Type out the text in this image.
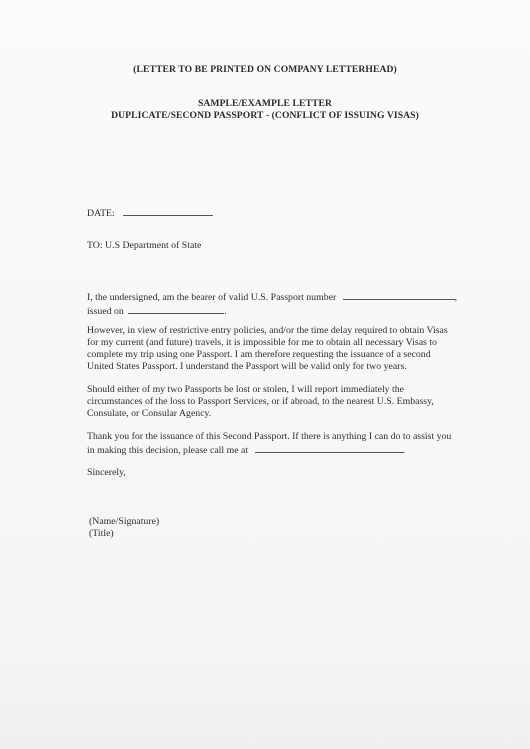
(LETTER TO BE PRINTED ON COMPANY LETTERHEAD)
SAMPLE/EXAMPLE LETTER
DUPLICATE/SECOND PASSPORT - (CONFLICT OF ISSUING VISAS)
DATE:
TO: U.S Department of State
I, the undersigned, am the bearer of valid U.S. Passport number	,
issued on	.
However, in view of restrictive entry policies, and/or the time delay required to obtain Visas
for my current (and future) travels, it is impossible for me to obtain all necessary Visas to
complete my trip using one Passport. I am therefore requesting the issuance of a second
United States Passport. I understand the Passport will be valid only for two years.
Should either of my two Passports be lost or stolen, I will report immediately the
circumstances of the loss to Passport Services, or if abroad, to the nearest U.S. Embassy,
Consulate, or Consular Agency.
Thank you for the issuance of this Second Passport. If there is anything I can do to assist you
in making this decision, please call me at	.
Sincerely,
(Name/Signature)
(Title)
